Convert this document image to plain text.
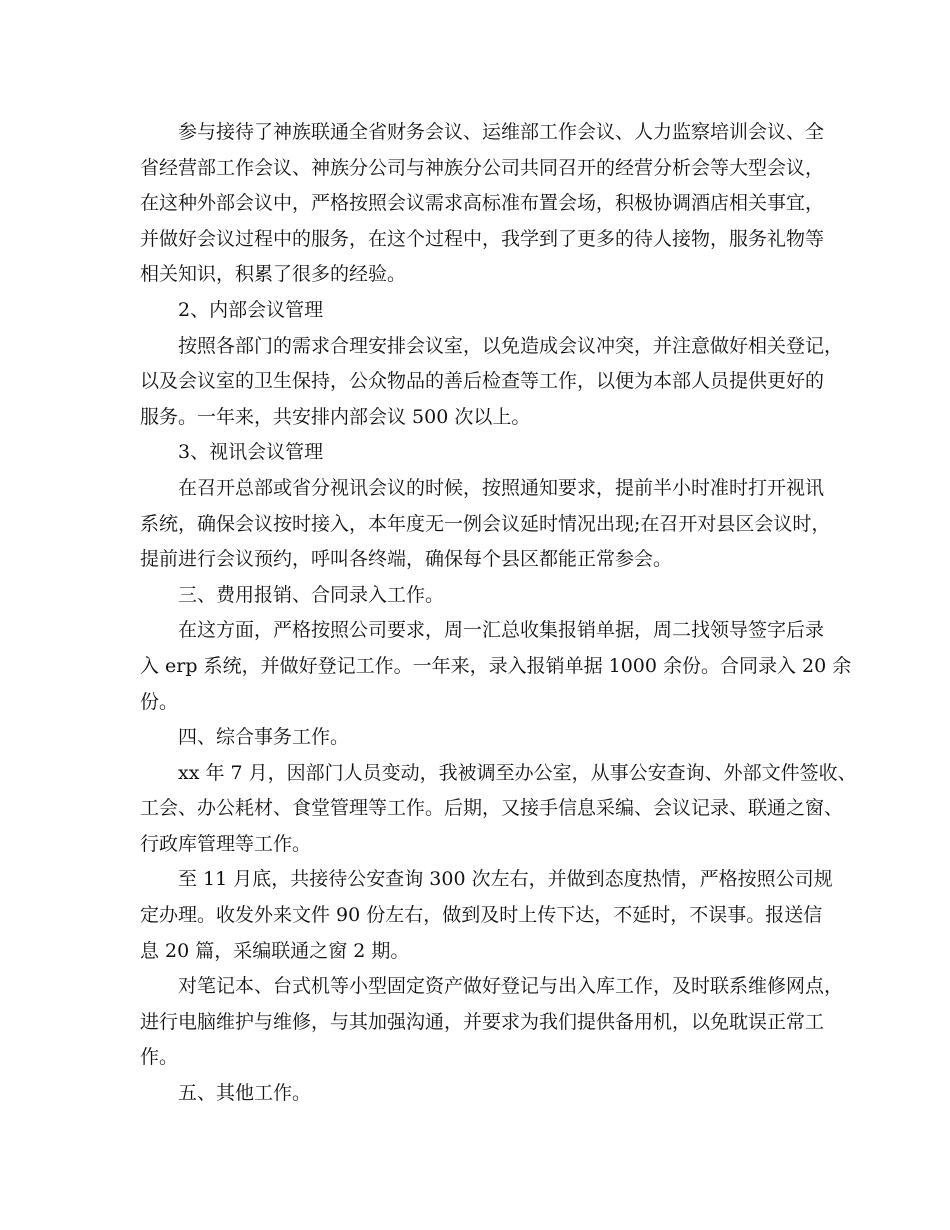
参与接待了神族联通全省财务会议、运维部工作会议、人力监察培训会议、全
省经营部工作会议、神族分公司与神族分公司共同召开的经营分析会等大型会议，
在这种外部会议中，严格按照会议需求高标准布置会场，积极协调酒店相关事宜，
并做好会议过程中的服务，在这个过程中，我学到了更多的待人接物，服务礼物等
相关知识，积累了很多的经验。
2、内部会议管理
按照各部门的需求合理安排会议室，以免造成会议冲突，并注意做好相关登记，
以及会议室的卫生保持，公众物品的善后检查等工作，以便为本部人员提供更好的
服务。一年来，共安排内部会议 500 次以上。
3、视讯会议管理
在召开总部或省分视讯会议的时候，按照通知要求，提前半小时准时打开视讯
系统，确保会议按时接入，本年度无一例会议延时情况出现;在召开对县区会议时，
提前进行会议预约，呼叫各终端，确保每个县区都能正常参会。
三、费用报销、合同录入工作。
在这方面，严格按照公司要求，周一汇总收集报销单据，周二找领导签字后录
入 erp 系统，并做好登记工作。一年来，录入报销单据 1000 余份。合同录入 20 余
份。
四、综合事务工作。
xx 年 7 月，因部门人员变动，我被调至办公室，从事公安查询、外部文件签收、
工会、办公耗材、食堂管理等工作。后期，又接手信息采编、会议记录、联通之窗、
行政库管理等工作。
至 11 月底，共接待公安查询 300 次左右，并做到态度热情，严格按照公司规
定办理。收发外来文件 90 份左右，做到及时上传下达，不延时，不误事。报送信
息 20 篇，采编联通之窗 2 期。
对笔记本、台式机等小型固定资产做好登记与出入库工作，及时联系维修网点，
进行电脑维护与维修，与其加强沟通，并要求为我们提供备用机，以免耽误正常工
作。
五、其他工作。
